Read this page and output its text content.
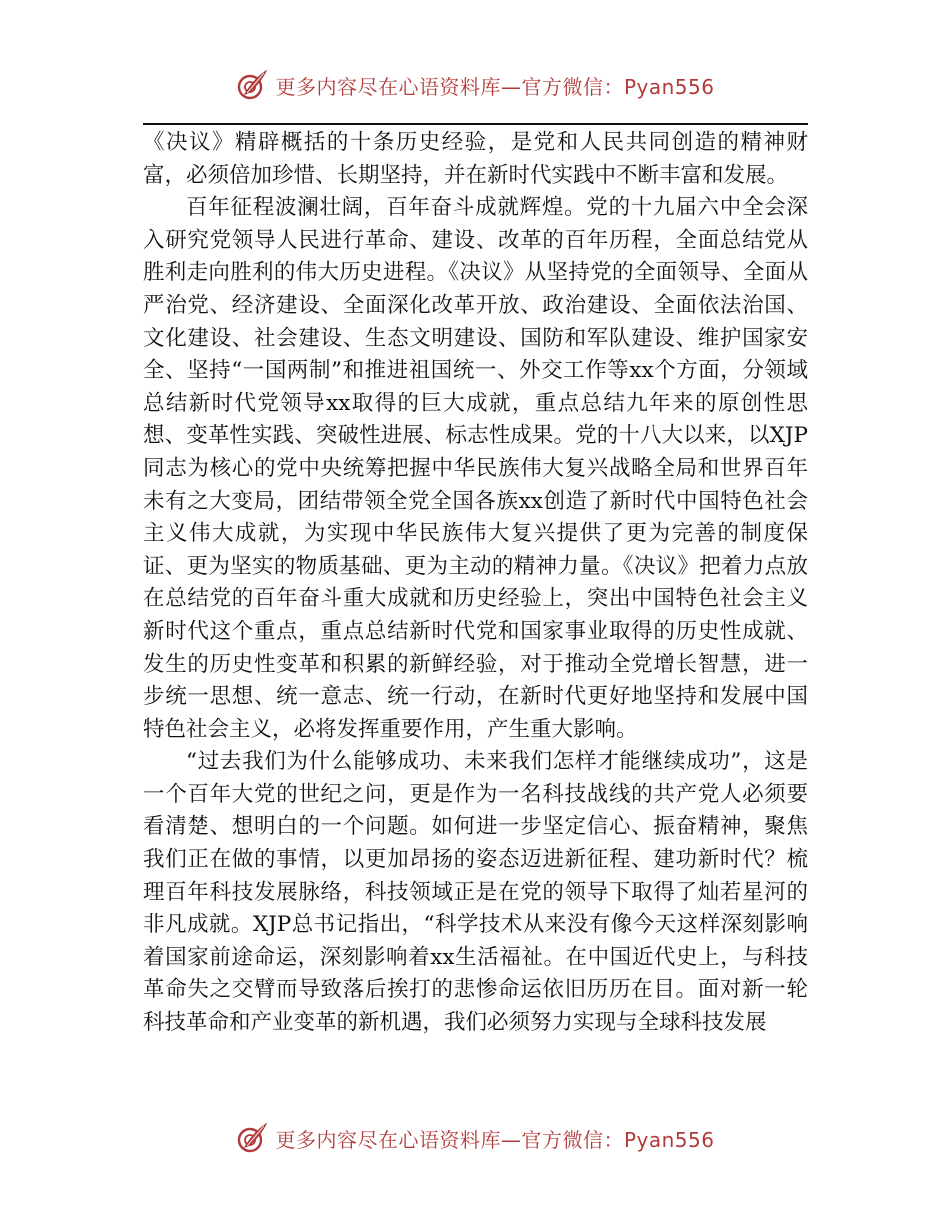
更多内容尽在心语资料库—官方微信：Pyan556

《决议》精辟概括的十条历史经验，是党和人民共同创造的精神财富，必须倍加珍惜、长期坚持，并在新时代实践中不断丰富和发展。

百年征程波澜壮阔，百年奋斗成就辉煌。党的十九届六中全会深入研究党领导人民进行革命、建设、改革的百年历程，全面总结党从胜利走向胜利的伟大历史进程。《决议》从坚持党的全面领导、全面从严治党、经济建设、全面深化改革开放、政治建设、全面依法治国、文化建设、社会建设、生态文明建设、国防和军队建设、维护国家安全、坚持“一国两制”和推进祖国统一、外交工作等xx个方面，分领域总结新时代党领导xx取得的巨大成就，重点总结九年来的原创性思想、变革性实践、突破性进展、标志性成果。党的十八大以来，以XJP同志为核心的党中央统筹把握中华民族伟大复兴战略全局和世界百年未有之大变局，团结带领全党全国各族xx创造了新时代中国特色社会主义伟大成就，为实现中华民族伟大复兴提供了更为完善的制度保证、更为坚实的物质基础、更为主动的精神力量。《决议》把着力点放在总结党的百年奋斗重大成就和历史经验上，突出中国特色社会主义新时代这个重点，重点总结新时代党和国家事业取得的历史性成就、发生的历史性变革和积累的新鲜经验，对于推动全党增长智慧，进一步统一思想、统一意志、统一行动，在新时代更好地坚持和发展中国特色社会主义，必将发挥重要作用，产生重大影响。

“过去我们为什么能够成功、未来我们怎样才能继续成功”，这是一个百年大党的世纪之问，更是作为一名科技战线的共产党人必须要看清楚、想明白的一个问题。如何进一步坚定信心、振奋精神，聚焦我们正在做的事情，以更加昂扬的姿态迈进新征程、建功新时代？梳理百年科技发展脉络，科技领域正是在党的领导下取得了灿若星河的非凡成就。XJP总书记指出，“科学技术从来没有像今天这样深刻影响着国家前途命运，深刻影响着xx生活福祉。在中国近代史上，与科技革命失之交臂而导致落后挨打的悲惨命运依旧历历在目。面对新一轮科技革命和产业变革的新机遇，我们必须努力实现与全球科技发展

更多内容尽在心语资料库—官方微信：Pyan556
